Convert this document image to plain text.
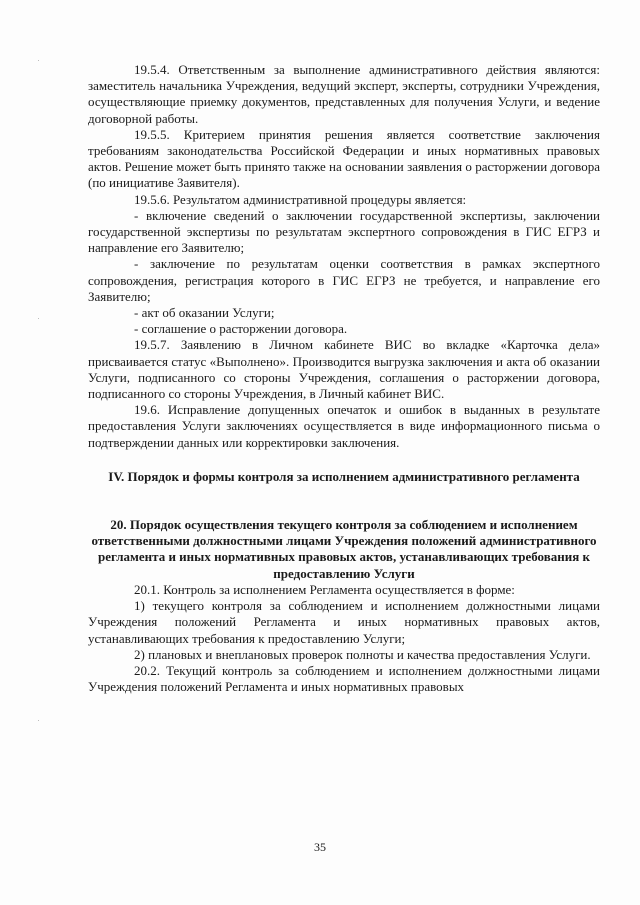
19.5.4. Ответственным за выполнение административного действия являются: заместитель начальника Учреждения, ведущий эксперт, эксперты, сотрудники Учреждения, осуществляющие приемку документов, представленных для получения Услуги, и ведение договорной работы.

19.5.5. Критерием принятия решения является соответствие заключения требованиям законодательства Российской Федерации и иных нормативных правовых актов. Решение может быть принято также на основании заявления о расторжении договора (по инициативе Заявителя).

19.5.6. Результатом административной процедуры является:

- включение сведений о заключении государственной экспертизы, заключении государственной экспертизы по результатам экспертного сопровождения в ГИС ЕГРЗ и направление его Заявителю;

- заключение по результатам оценки соответствия в рамках экспертного сопровождения, регистрация которого в ГИС ЕГРЗ не требуется, и направление его Заявителю;

- акт об оказании Услуги;

- соглашение о расторжении договора.

19.5.7. Заявлению в Личном кабинете ВИС во вкладке «Карточка дела» присваивается статус «Выполнено». Производится выгрузка заключения и акта об оказании Услуги, подписанного со стороны Учреждения, соглашения о расторжении договора, подписанного со стороны Учреждения, в Личный кабинет ВИС.

19.6. Исправление допущенных опечаток и ошибок в выданных в результате предоставления Услуги заключениях осуществляется в виде информационного письма о подтверждении данных или корректировки заключения.

IV. Порядок и формы контроля за исполнением административного регламента

20. Порядок осуществления текущего контроля за соблюдением и исполнением ответственными должностными лицами Учреждения положений административного регламента и иных нормативных правовых актов, устанавливающих требования к предоставлению Услуги

20.1. Контроль за исполнением Регламента осуществляется в форме:

1) текущего контроля за соблюдением и исполнением должностными лицами Учреждения положений Регламента и иных нормативных правовых актов, устанавливающих требования к предоставлению Услуги;

2) плановых и внеплановых проверок полноты и качества предоставления Услуги.

20.2. Текущий контроль за соблюдением и исполнением должностными лицами Учреждения положений Регламента и иных нормативных правовых

35
